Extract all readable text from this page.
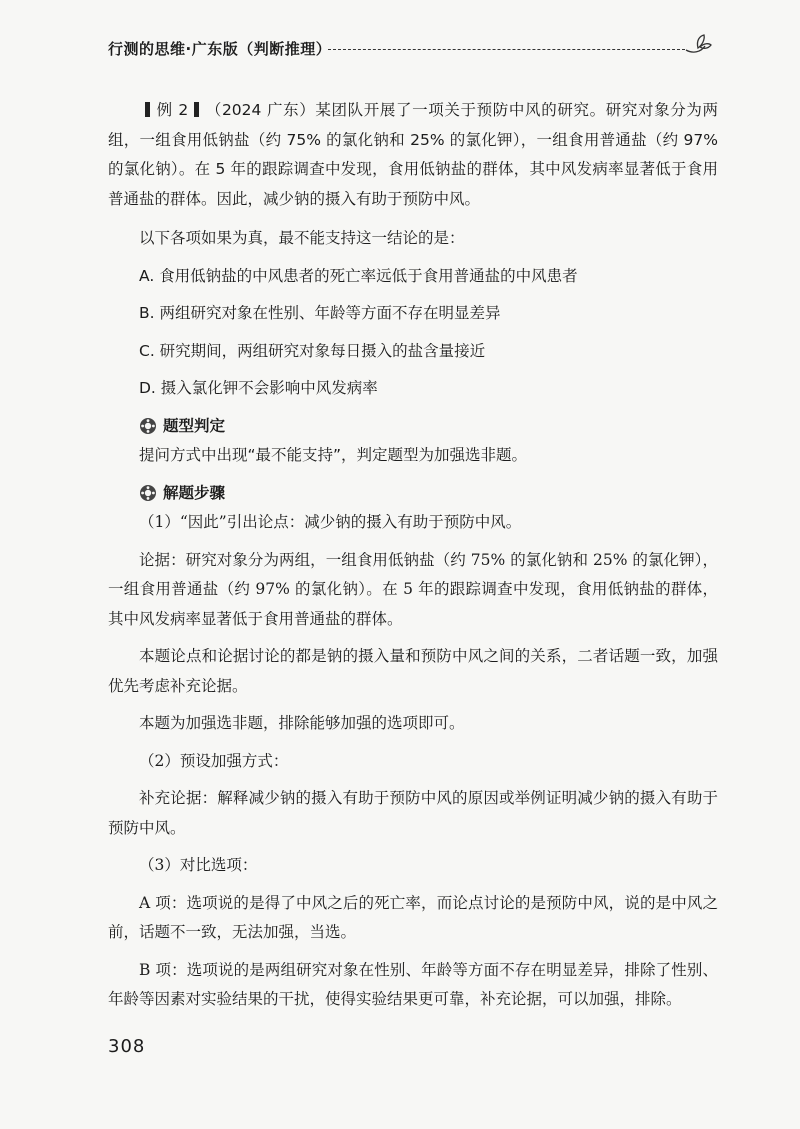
行测的思维·广东版（判断推理）

例 2 （2024 广东）某团队开展了一项关于预防中风的研究。研究对象分为两组，一组食用低钠盐（约 75% 的氯化钠和 25% 的氯化钾），一组食用普通盐（约 97% 的氯化钠）。在 5 年的跟踪调查中发现，食用低钠盐的群体，其中风发病率显著低于食用普通盐的群体。因此，减少钠的摄入有助于预防中风。

以下各项如果为真，最不能支持这一结论的是：

A. 食用低钠盐的中风患者的死亡率远低于食用普通盐的中风患者

B. 两组研究对象在性别、年龄等方面不存在明显差异

C. 研究期间，两组研究对象每日摄入的盐含量接近

D. 摄入氯化钾不会影响中风发病率

题型判定

提问方式中出现“最不能支持”，判定题型为加强选非题。

解题步骤

（1）“因此”引出论点：减少钠的摄入有助于预防中风。

论据：研究对象分为两组，一组食用低钠盐（约 75% 的氯化钠和 25% 的氯化钾），一组食用普通盐（约 97% 的氯化钠）。在 5 年的跟踪调查中发现，食用低钠盐的群体，其中风发病率显著低于食用普通盐的群体。

本题论点和论据讨论的都是钠的摄入量和预防中风之间的关系，二者话题一致，加强优先考虑补充论据。

本题为加强选非题，排除能够加强的选项即可。

（2）预设加强方式：

补充论据：解释减少钠的摄入有助于预防中风的原因或举例证明减少钠的摄入有助于预防中风。

（3）对比选项：

A 项：选项说的是得了中风之后的死亡率，而论点讨论的是预防中风，说的是中风之前，话题不一致，无法加强，当选。

B 项：选项说的是两组研究对象在性别、年龄等方面不存在明显差异，排除了性别、年龄等因素对实验结果的干扰，使得实验结果更可靠，补充论据，可以加强，排除。

308
